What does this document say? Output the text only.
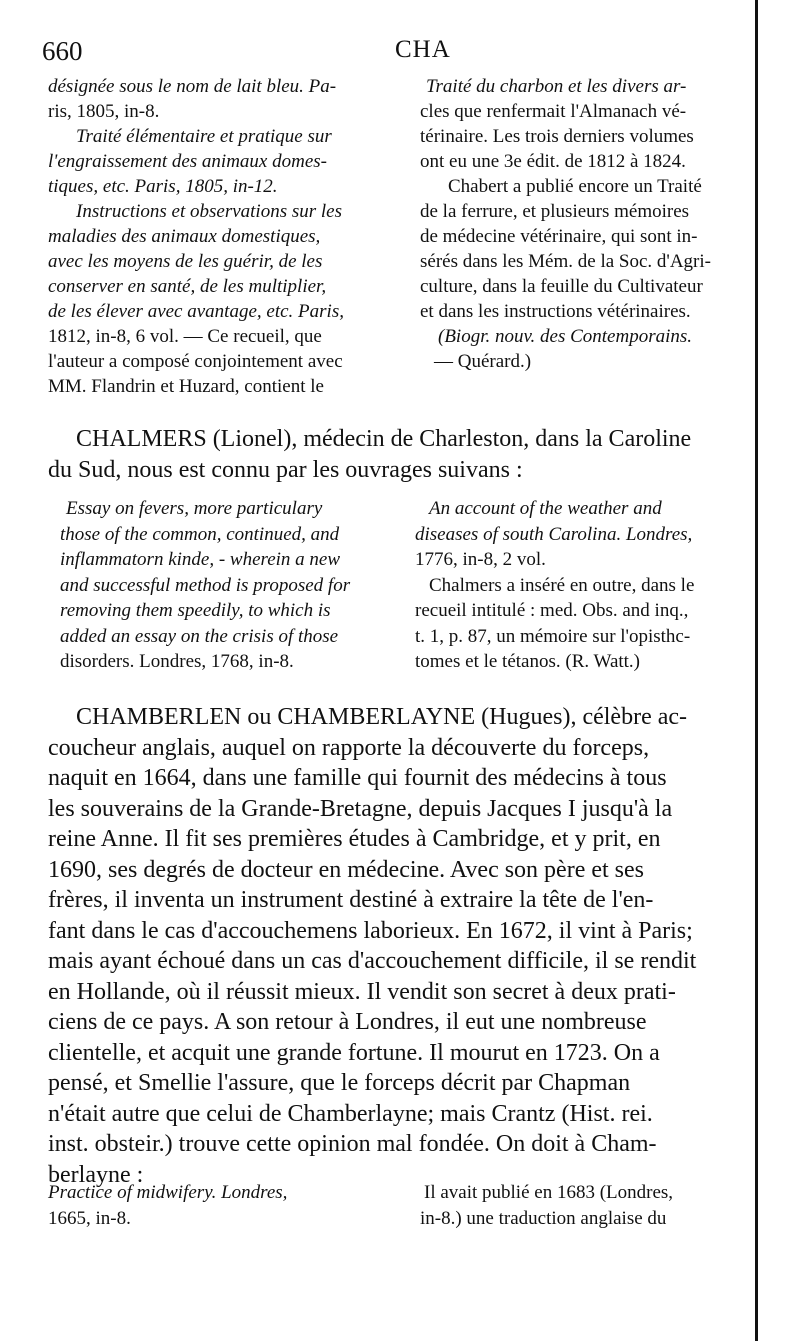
660	CHA
désignée sous le nom de lait bleu. Pa-
ris, 1805, in-8.
Traité élémentaire et pratique sur
l'engraissement des animaux domes-
tiques, etc. Paris, 1805, in-12.
Instructions et observations sur les
maladies des animaux domestiques,
avec les moyens de les guérir, de les
conserver en santé, de les multiplier,
de les élever avec avantage, etc. Paris,
1812, in-8, 6 vol. — Ce recueil, que
l'auteur a composé conjointement avec
MM. Flandrin et Huzard, contient le
Traité du charbon et les divers ar-
cles que renfermait l'Almanach vé-
térinaire. Les trois derniers volumes
ont eu une 3e édit. de 1812 à 1824.
Chabert a publié encore un Traité
de la ferrure, et plusieurs mémoires
de médecine vétérinaire, qui sont in-
sérés dans les Mém. de la Soc. d'Agri-
culture, dans la feuille du Cultivateur
et dans les instructions vétérinaires.
(Biogr. nouv. des Contemporains.
— Quérard.)
CHALMERS (Lionel), médecin de Charleston, dans la Caroline
du Sud, nous est connu par les ouvrages suivans :
Essay on fevers, more particulary
those of the common, continued, and
inflammatorn kinde, - wherein a new
and successful method is proposed for
removing them speedily, to which is
added an essay on the crisis of those
disorders. Londres, 1768, in-8.
An account of the weather and
diseases of south Carolina. Londres,
1776, in-8, 2 vol.
Chalmers a inséré en outre, dans le
recueil intitulé : med. Obs. and inq.,
t. 1, p. 87, un mémoire sur l'opisthc-
tomes et le tétanos. (R. Watt.)
CHAMBERLEN ou CHAMBERLAYNE (Hugues), célèbre ac-
coucheur anglais, auquel on rapporte la découverte du forceps,
naquit en 1664, dans une famille qui fournit des médecins à tous
les souverains de la Grande-Bretagne, depuis Jacques I jusqu'à la
reine Anne. Il fit ses premières études à Cambridge, et y prit, en
1690, ses degrés de docteur en médecine. Avec son père et ses
frères, il inventa un instrument destiné à extraire la tête de l'en-
fant dans le cas d'accouchemens laborieux. En 1672, il vint à Paris;
mais ayant échoué dans un cas d'accouchement difficile, il se rendit
en Hollande, où il réussit mieux. Il vendit son secret à deux prati-
ciens de ce pays. A son retour à Londres, il eut une nombreuse
clientelle, et acquit une grande fortune. Il mourut en 1723. On a
pensé, et Smellie l'assure, que le forceps décrit par Chapman
n'était autre que celui de Chamberlayne; mais Crantz (Hist. rei.
inst. obsteir.) trouve cette opinion mal fondée. On doit à Cham-
berlayne :
Practice of midwifery. Londres,
1665, in-8.
Il avait publié en 1683 (Londres,
in-8.) une traduction anglaise du
